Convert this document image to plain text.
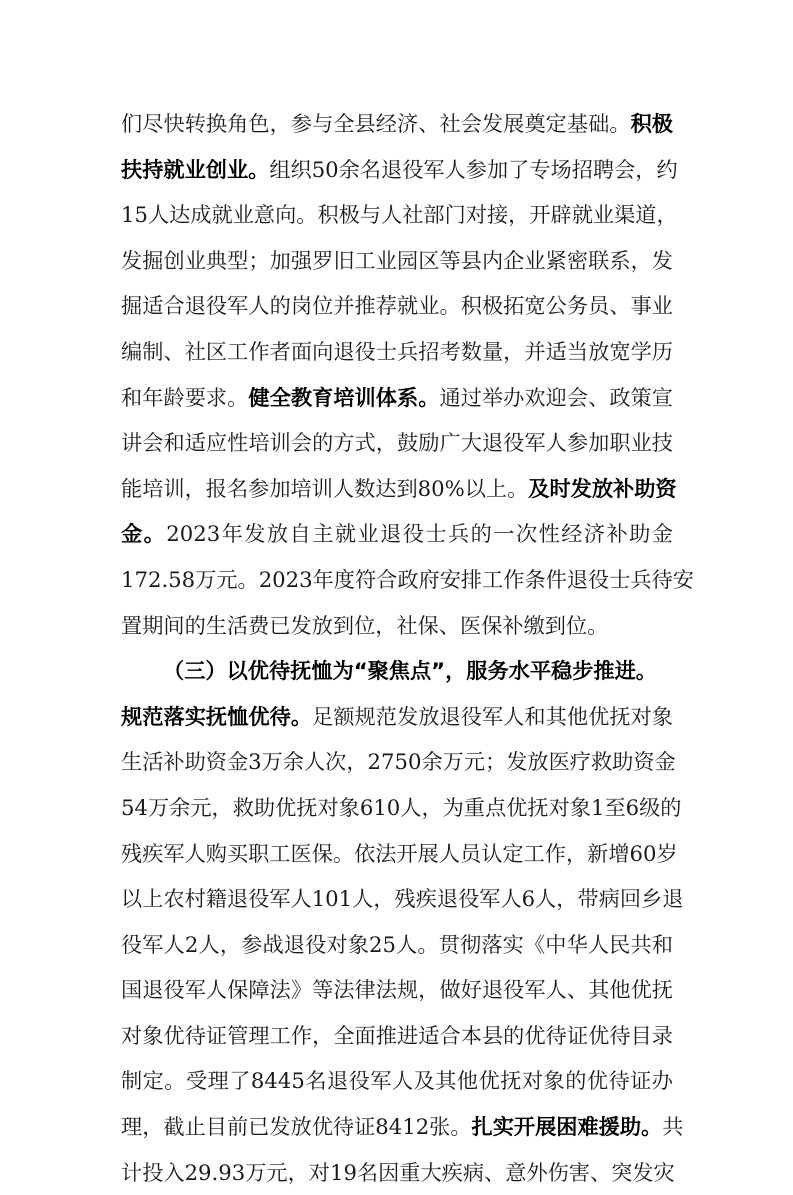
们尽快转换角色，参与全县经济、社会发展奠定基础。积极
扶持就业创业。组织50余名退役军人参加了专场招聘会，约
15人达成就业意向。积极与人社部门对接，开辟就业渠道，
发掘创业典型；加强罗旧工业园区等县内企业紧密联系，发
掘适合退役军人的岗位并推荐就业。积极拓宽公务员、事业
编制、社区工作者面向退役士兵招考数量，并适当放宽学历
和年龄要求。健全教育培训体系。通过举办欢迎会、政策宣
讲会和适应性培训会的方式，鼓励广大退役军人参加职业技
能培训，报名参加培训人数达到80%以上。及时发放补助资
金。2023年发放自主就业退役士兵的一次性经济补助金
172.58万元。2023年度符合政府安排工作条件退役士兵待安
置期间的生活费已发放到位，社保、医保补缴到位。
（三）以优待抚恤为“聚焦点”，服务水平稳步推进。
规范落实抚恤优待。足额规范发放退役军人和其他优抚对象
生活补助资金3万余人次，2750余万元；发放医疗救助资金
54万余元，救助优抚对象610人，为重点优抚对象1至6级的
残疾军人购买职工医保。依法开展人员认定工作，新增60岁
以上农村籍退役军人101人，残疾退役军人6人，带病回乡退
役军人2人，参战退役对象25人。贯彻落实《中华人民共和
国退役军人保障法》等法律法规，做好退役军人、其他优抚
对象优待证管理工作，全面推进适合本县的优待证优待目录
制定。受理了8445名退役军人及其他优抚对象的优待证办
理，截止目前已发放优待证8412张。扎实开展困难援助。共
计投入29.93万元，对19名因重大疾病、意外伤害、突发灾
